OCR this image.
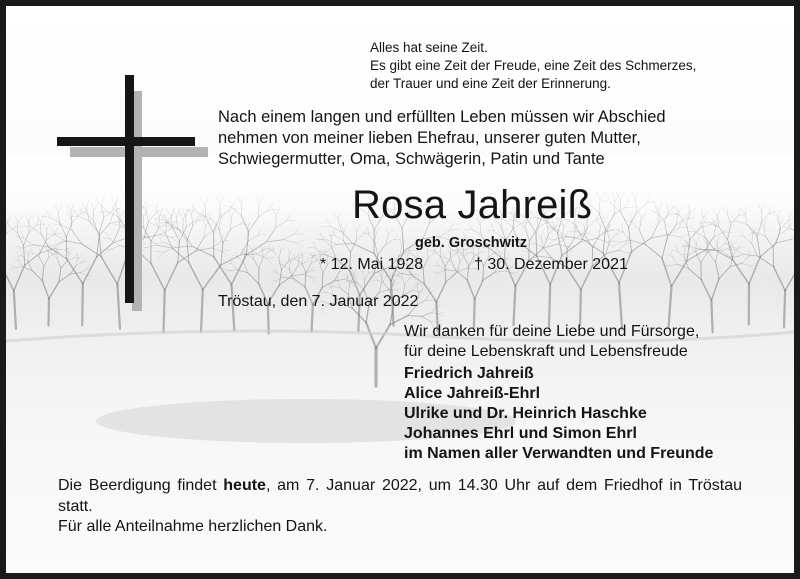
Alles hat seine Zeit.
Es gibt eine Zeit der Freude, eine Zeit des Schmerzes,
der Trauer und eine Zeit der Erinnerung.
Nach einem langen und erfüllten Leben müssen wir Abschied
nehmen von meiner lieben Ehefrau, unserer guten Mutter,
Schwiegermutter, Oma, Schwägerin, Patin und Tante
Rosa Jahreiß
geb. Groschwitz
* 12. Mai 1928	† 30. Dezember 2021
Tröstau, den 7. Januar 2022
Wir danken für deine Liebe und Fürsorge,
für deine Lebenskraft und Lebensfreude
Friedrich Jahreiß
Alice Jahreiß-Ehrl
Ulrike und Dr. Heinrich Haschke
Johannes Ehrl und Simon Ehrl
im Namen aller Verwandten und Freunde
Die Beerdigung findet heute, am 7. Januar 2022, um 14.30 Uhr auf dem Friedhof in Tröstau statt.
Für alle Anteilnahme herzlichen Dank.
